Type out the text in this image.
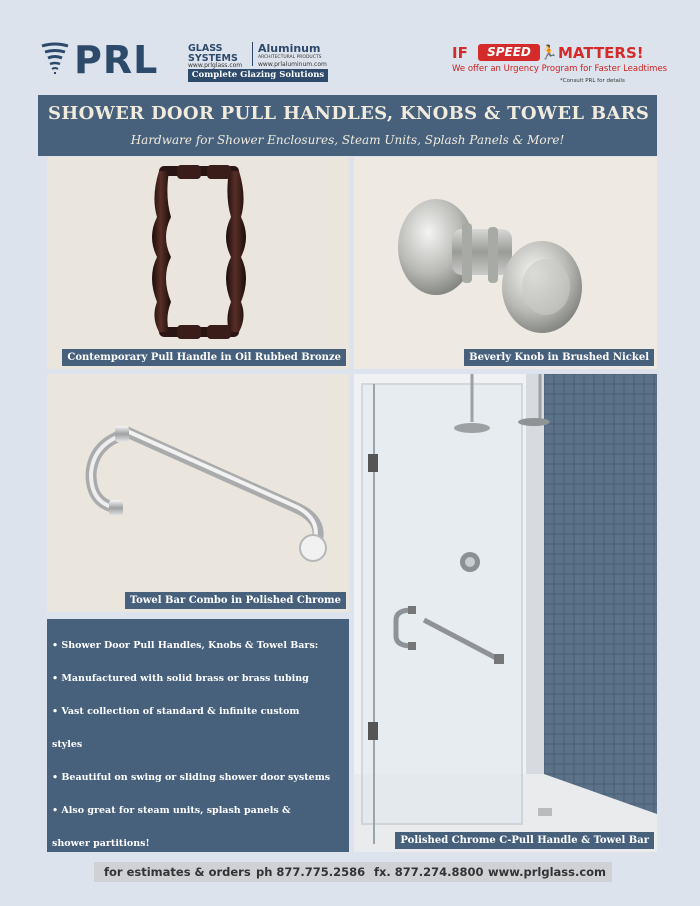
PRL	GLASS
SYSTEMS
www.prlglass.com
Aluminum
ARCHITECTURAL PRODUCTS
www.prlaluminum.com
Complete Glazing Solutions
IF	SPEED 🏃 MATTERS!
We offer an Urgency Program for Faster Leadtimes
*Consult PRL for details
SHOWER DOOR PULL HANDLES, KNOBS & TOWEL BARS

Hardware for Shower Enclosures, Steam Units, Splash Panels & More!

Contemporary Pull Handle in Oil Rubbed Bronze	Beverly Knob in Brushed Nickel
Towel Bar Combo in Polished Chrome
Polished Chrome C-Pull Handle & Towel Bar
• Shower Door Pull Handles, Knobs & Towel Bars:
• Manufactured with solid brass or brass tubing
• Vast collection of standard & infinite custom
styles
• Beautiful on swing or sliding shower door systems
• Also great for steam units, splash panels &
shower partitions!
for estimates & orders ph 877.775.2586 fx. 877.274.8800 www.prlglass.com
